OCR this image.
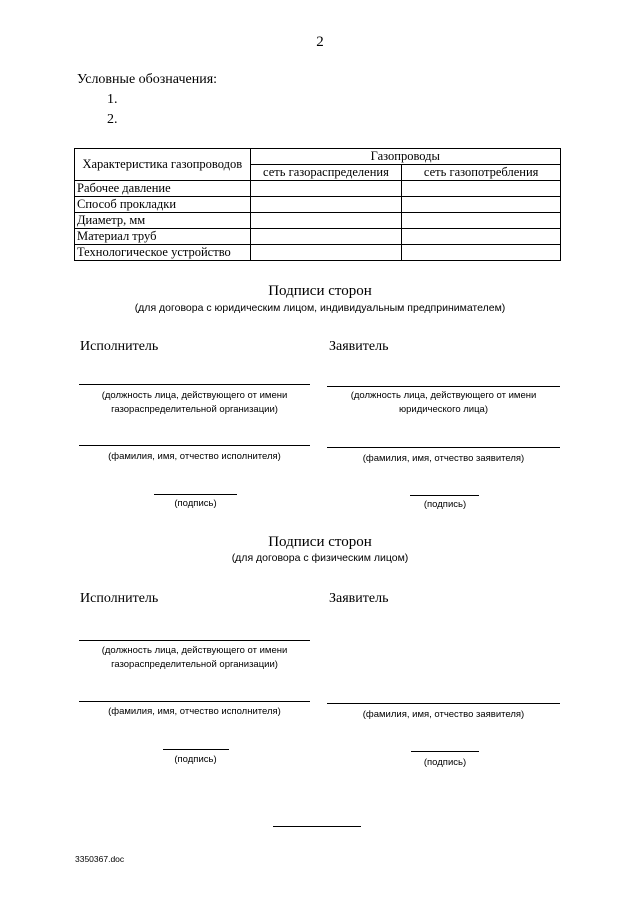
2
Условные обозначения:
1.
2.
Характеристика газопроводов	Газопроводы	
	сеть газораспределения	сеть газопотребления
Рабочее давление		
Способ прокладки		
Диаметр, мм		
Материал труб		
Технологическое устройство		
Подписи сторон
(для договора с юридическим лицом, индивидуальным предпринимателем)
Исполнитель	Заявитель
(должность лица, действующего от имени газораспределительной организации)
(должность лица, действующего от имени юридического лица)
(фамилия, имя, отчество исполнителя)	(фамилия, имя, отчество заявителя)
(подпись)	(подпись)
Подписи сторон
(для договора с физическим лицом)
Исполнитель	Заявитель
(должность лица, действующего от имени газораспределительной организации)
(фамилия, имя, отчество исполнителя)	(фамилия, имя, отчество заявителя)
(подпись)	(подпись)
3350367.doc
